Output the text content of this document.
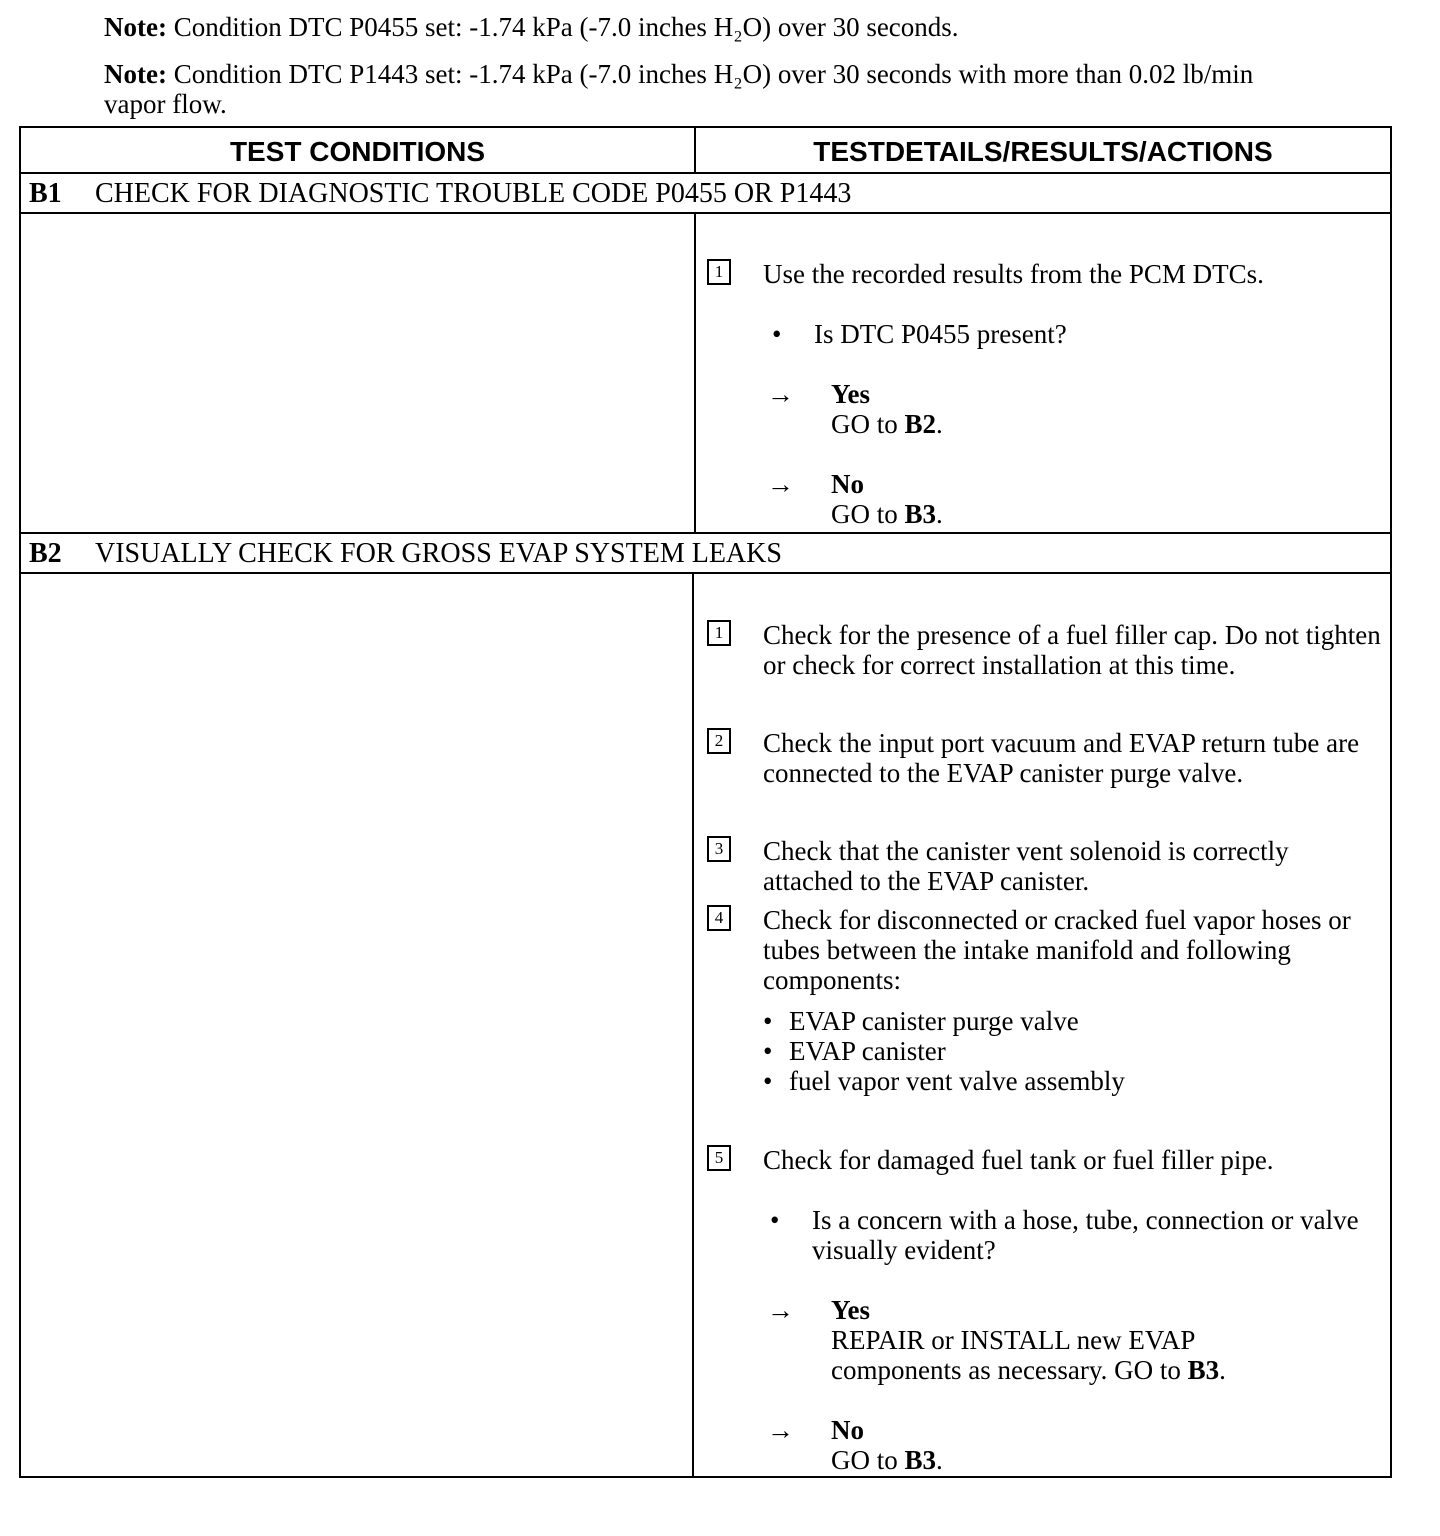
Note: Condition DTC P0455 set: -1.74 kPa (-7.0 inches H₂O) over 30 seconds.
Note: Condition DTC P1443 set: -1.74 kPa (-7.0 inches H₂O) over 30 seconds with more than 0.02 lb/min vapor flow.
TEST CONDITIONS	TESTDETAILS/RESULTS/ACTIONS
B1 CHECK FOR DIAGNOSTIC TROUBLE CODE P0455 OR P1443
1 Use the recorded results from the PCM DTCs.
• Is DTC P0455 present?
→ Yes
GO to B2.
→ No
GO to B3.
B2 VISUALLY CHECK FOR GROSS EVAP SYSTEM LEAKS
1 Check for the presence of a fuel filler cap. Do not tighten or check for correct installation at this time.
2 Check the input port vacuum and EVAP return tube are connected to the EVAP canister purge valve.
3 Check that the canister vent solenoid is correctly attached to the EVAP canister.
4 Check for disconnected or cracked fuel vapor hoses or tubes between the intake manifold and following components:
• EVAP canister purge valve
• EVAP canister
• fuel vapor vent valve assembly
5 Check for damaged fuel tank or fuel filler pipe.
• Is a concern with a hose, tube, connection or valve visually evident?
→ Yes
REPAIR or INSTALL new EVAP components as necessary. GO to B3.
→ No
GO to B3.
